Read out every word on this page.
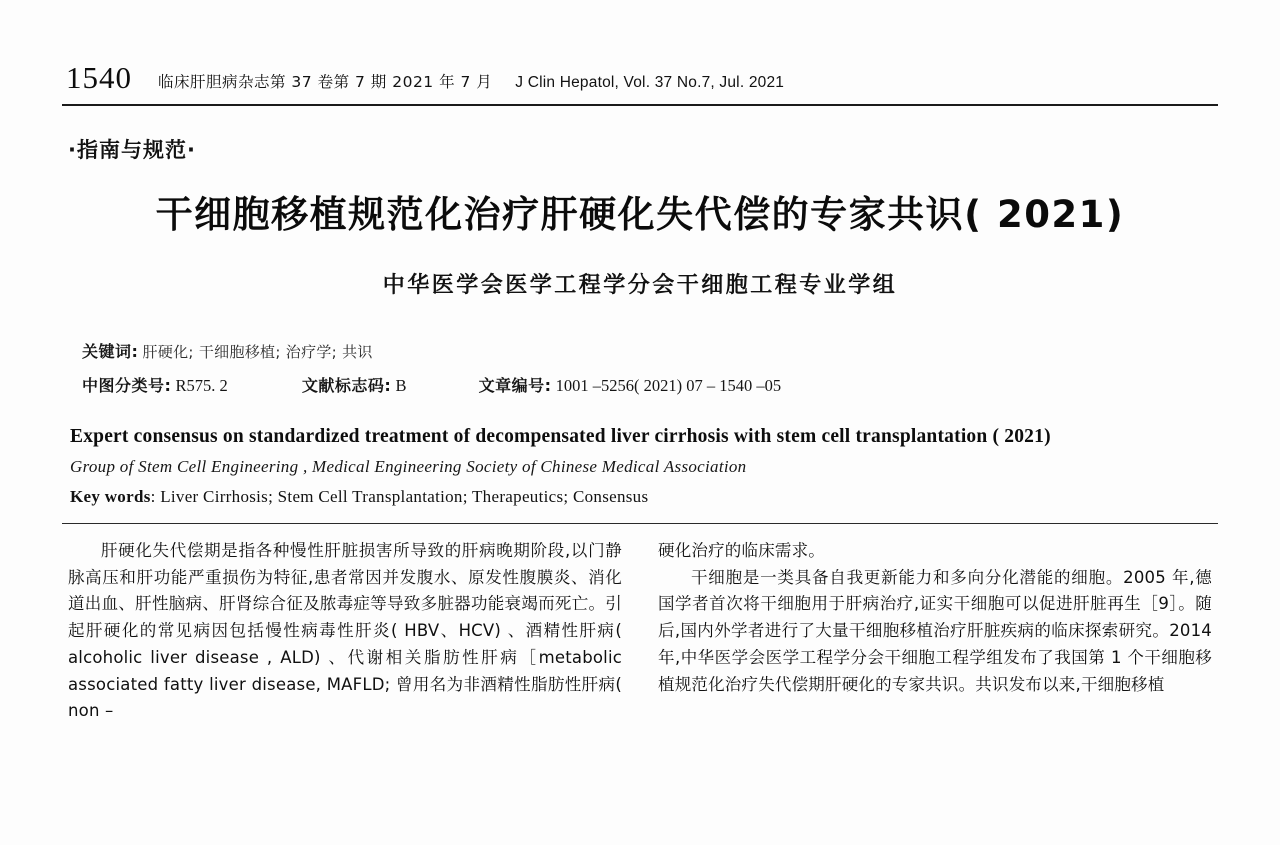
1540 临床肝胆病杂志第 37 卷第 7 期 2021 年 7 月 J Clin Hepatol, Vol. 37 No.7, Jul. 2021
·指南与规范·
干细胞移植规范化治疗肝硬化失代偿的专家共识( 2021)
中华医学会医学工程学分会干细胞工程专业学组
关键词: 肝硬化; 干细胞移植; 治疗学; 共识
中图分类号: R575. 2	文献标志码: B	文章编号: 1001 –5256( 2021) 07 – 1540 –05
Expert consensus on standardized treatment of decompensated liver cirrhosis with stem cell transplantation ( 2021)
Group of Stem Cell Engineering , Medical Engineering Society of Chinese Medical Association
Key words: Liver Cirrhosis; Stem Cell Transplantation; Therapeutics; Consensus

肝硬化失代偿期是指各种慢性肝脏损害所导致的肝病晚期阶段,以门静脉高压和肝功能严重损伤为特征,患者常因并发腹水、原发性腹膜炎、消化道出血、肝性脑病、肝肾综合征及脓毒症等导致多脏器功能衰竭而死亡。引起肝硬化的常见病因包括慢性病毒性肝炎( HBV、HCV) 、酒精性肝病( alcoholic liver disease , ALD) 、代谢相关脂肪性肝病［metabolic associated fatty liver disease, MAFLD; 曾用名为非酒精性脂肪性肝病( non –

硬化治疗的临床需求。

干细胞是一类具备自我更新能力和多向分化潜能的细胞。2005 年,德国学者首次将干细胞用于肝病治疗,证实干细胞可以促进肝脏再生［9］。随后,国内外学者进行了大量干细胞移植治疗肝脏疾病的临床探索研究。2014 年,中华医学会医学工程学分会干细胞工程学组发布了我国第 1 个干细胞移植规范化治疗失代偿期肝硬化的专家共识。共识发布以来,干细胞移植
